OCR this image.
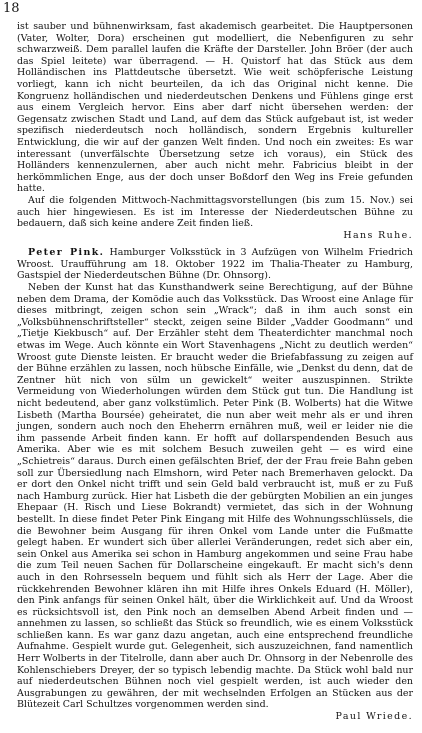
18

ist sauber und bühnenwirksam, fast akademisch gearbeitet. Die Hauptpersonen (Vater, Wolter, Dora) erscheinen gut modelliert, die Nebenfiguren zu sehr schwarzweiß. Dem parallel laufen die Kräfte der Darsteller. John Bröer (der auch das Spiel leitete) war überragend. — H. Quistorf hat das Stück aus dem Holländischen ins Plattdeutsche übersetzt. Wie weit schöpferische Leistung vorliegt, kann ich nicht beurteilen, da ich das Original nicht kenne. Die Kongruenz holländischen und niederdeutschen Denkens und Fühlens ginge erst aus einem Vergleich hervor. Eins aber darf nicht übersehen werden: der Gegensatz zwischen Stadt und Land, auf dem das Stück aufgebaut ist, ist weder spezifisch niederdeutsch noch holländisch, sondern Ergebnis kultureller Entwicklung, die wir auf der ganzen Welt finden. Und noch ein zweites: Es war interessant (unverfälschte Übersetzung setze ich voraus), ein Stück des Holländers kennenzulernen, aber auch nicht mehr. Fabricius bleibt in der herkömmlichen Enge, aus der doch unser Boßdorf den Weg ins Freie gefunden hatte.

Auf die folgenden Mittwoch-Nachmittagsvorstellungen (bis zum 15. Nov.) sei auch hier hingewiesen. Es ist im Interesse der Niederdeutschen Bühne zu bedauern, daß sich keine andere Zeit finden ließ.

Hans Ruhe.

Peter Pink. Hamburger Volksstück in 3 Aufzügen von Wilhelm Friedrich Wroost. Uraufführung am 18. Oktober 1922 im Thalia-Theater zu Hamburg, Gastspiel der Niederdeutschen Bühne (Dr. Ohnsorg).

Neben der Kunst hat das Kunsthandwerk seine Berechtigung, auf der Bühne neben dem Drama, der Komödie auch das Volksstück. Das Wroost eine Anlage für dieses mitbringt, zeigen schon sein „Wrack“; daß in ihm auch sonst ein „Volksbühnenschriftsteller“ steckt, zeigen seine Bilder „Vadder Goodmann“ und „Tietje Kiekbusch“ auf. Der Erzähler steht dem Theaterdichter manchmal noch etwas im Wege. Auch könnte ein Wort Stavenhagens „Nicht zu deutlich werden“ Wroost gute Dienste leisten. Er braucht weder die Briefabfassung zu zeigen auf der Bühne erzählen zu lassen, noch hübsche Einfälle, wie „Denkst du denn, dat de Zentner hüt nich von sülm un gewickelt“ weiter auszuspinnen. Strikte Vermeidung von Wiederholungen würden dem Stück gut tun. Die Handlung ist nicht bedeutend, aber ganz volkstümlich. Peter Pink (B. Wolberts) hat die Witwe Lisbeth (Martha Boursée) geheiratet, die nun aber weit mehr als er und ihren jungen, sondern auch noch den Eheherrn ernähren muß, weil er leider nie die ihm passende Arbeit finden kann. Er hofft auf dollarspendenden Besuch aus Amerika. Aber wie es mit solchem Besuch zuweilen geht — es wird eine „Schietreis“ daraus. Durch einen gefälschten Brief, der der Frau freie Bahn geben soll zur Übersiedlung nach Elmshorn, wird Peter nach Bremerhaven gelockt. Da er dort den Onkel nicht trifft und sein Geld bald verbraucht ist, muß er zu Fuß nach Hamburg zurück. Hier hat Lisbeth die der gebürgten Mobilien an ein junges Ehepaar (H. Risch und Liese Bokrandt) vermietet, das sich in der Wohnung bestellt. In diese findet Peter Pink Eingang mit Hilfe des Wohnungsschlüssels, die die Bewohner beim Ausgang für ihren Onkel vom Lande unter die Fußmatte gelegt haben. Er wundert sich über allerlei Veränderungen, redet sich aber ein, sein Onkel aus Amerika sei schon in Hamburg angekommen und seine Frau habe die zum Teil neuen Sachen für Dollarscheine eingekauft. Er macht sich's denn auch in den Rohrsesseln bequem und fühlt sich als Herr der Lage. Aber die rückkehrenden Bewohner klären ihn mit Hilfe ihres Onkels Eduard (H. Möller), den Pink anfangs für seinen Onkel hält, über die Wirklichkeit auf. Und da Wroost es rücksichtsvoll ist, den Pink noch an demselben Abend Arbeit finden und — annehmen zu lassen, so schließt das Stück so freundlich, wie es einem Volksstück schließen kann. Es war ganz dazu angetan, auch eine entsprechend freundliche Aufnahme. Gespielt wurde gut. Gelegenheit, sich auszuzeichnen, fand namentlich Herr Wolberts in der Titelrolle, dann aber auch Dr. Ohnsorg in der Nebenrolle des Kohlenschiebers Dreyer, der so typisch lebendig machte. Da Stück wohl bald nur auf niederdeutschen Bühnen noch viel gespielt werden, ist auch wieder den Ausgrabungen zu gewähren, der mit wechselnden Erfolgen an Stücken aus der Blütezeit Carl Schultzes vorgenommen werden sind.

Paul Wriede.
